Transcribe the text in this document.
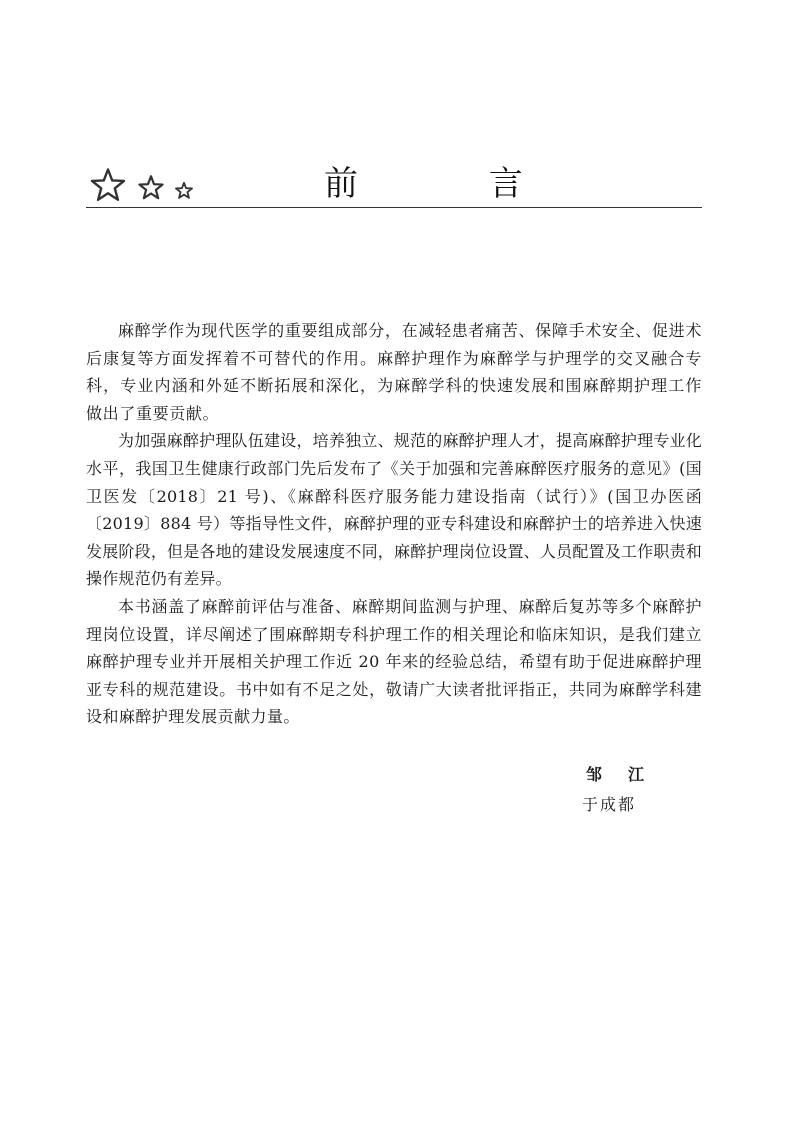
前 言

麻醉学作为现代医学的重要组成部分，在减轻患者痛苦、保障手术安全、促进术后康复等方面发挥着不可替代的作用。麻醉护理作为麻醉学与护理学的交叉融合专科，专业内涵和外延不断拓展和深化，为麻醉学科的快速发展和围麻醉期护理工作做出了重要贡献。

为加强麻醉护理队伍建设，培养独立、规范的麻醉护理人才，提高麻醉护理专业化水平，我国卫生健康行政部门先后发布了《关于加强和完善麻醉医疗服务的意见》(国卫医发〔2018〕21 号)、《麻醉科医疗服务能力建设指南（试行）》(国卫办医函〔2019〕884 号）等指导性文件，麻醉护理的亚专科建设和麻醉护士的培养进入快速发展阶段，但是各地的建设发展速度不同，麻醉护理岗位设置、人员配置及工作职责和操作规范仍有差异。

本书涵盖了麻醉前评估与准备、麻醉期间监测与护理、麻醉后复苏等多个麻醉护理岗位设置，详尽阐述了围麻醉期专科护理工作的相关理论和临床知识，是我们建立麻醉护理专业并开展相关护理工作近 20 年来的经验总结，希望有助于促进麻醉护理亚专科的规范建设。书中如有不足之处，敬请广大读者批评指正，共同为麻醉学科建设和麻醉护理发展贡献力量。

邹江
于成都
